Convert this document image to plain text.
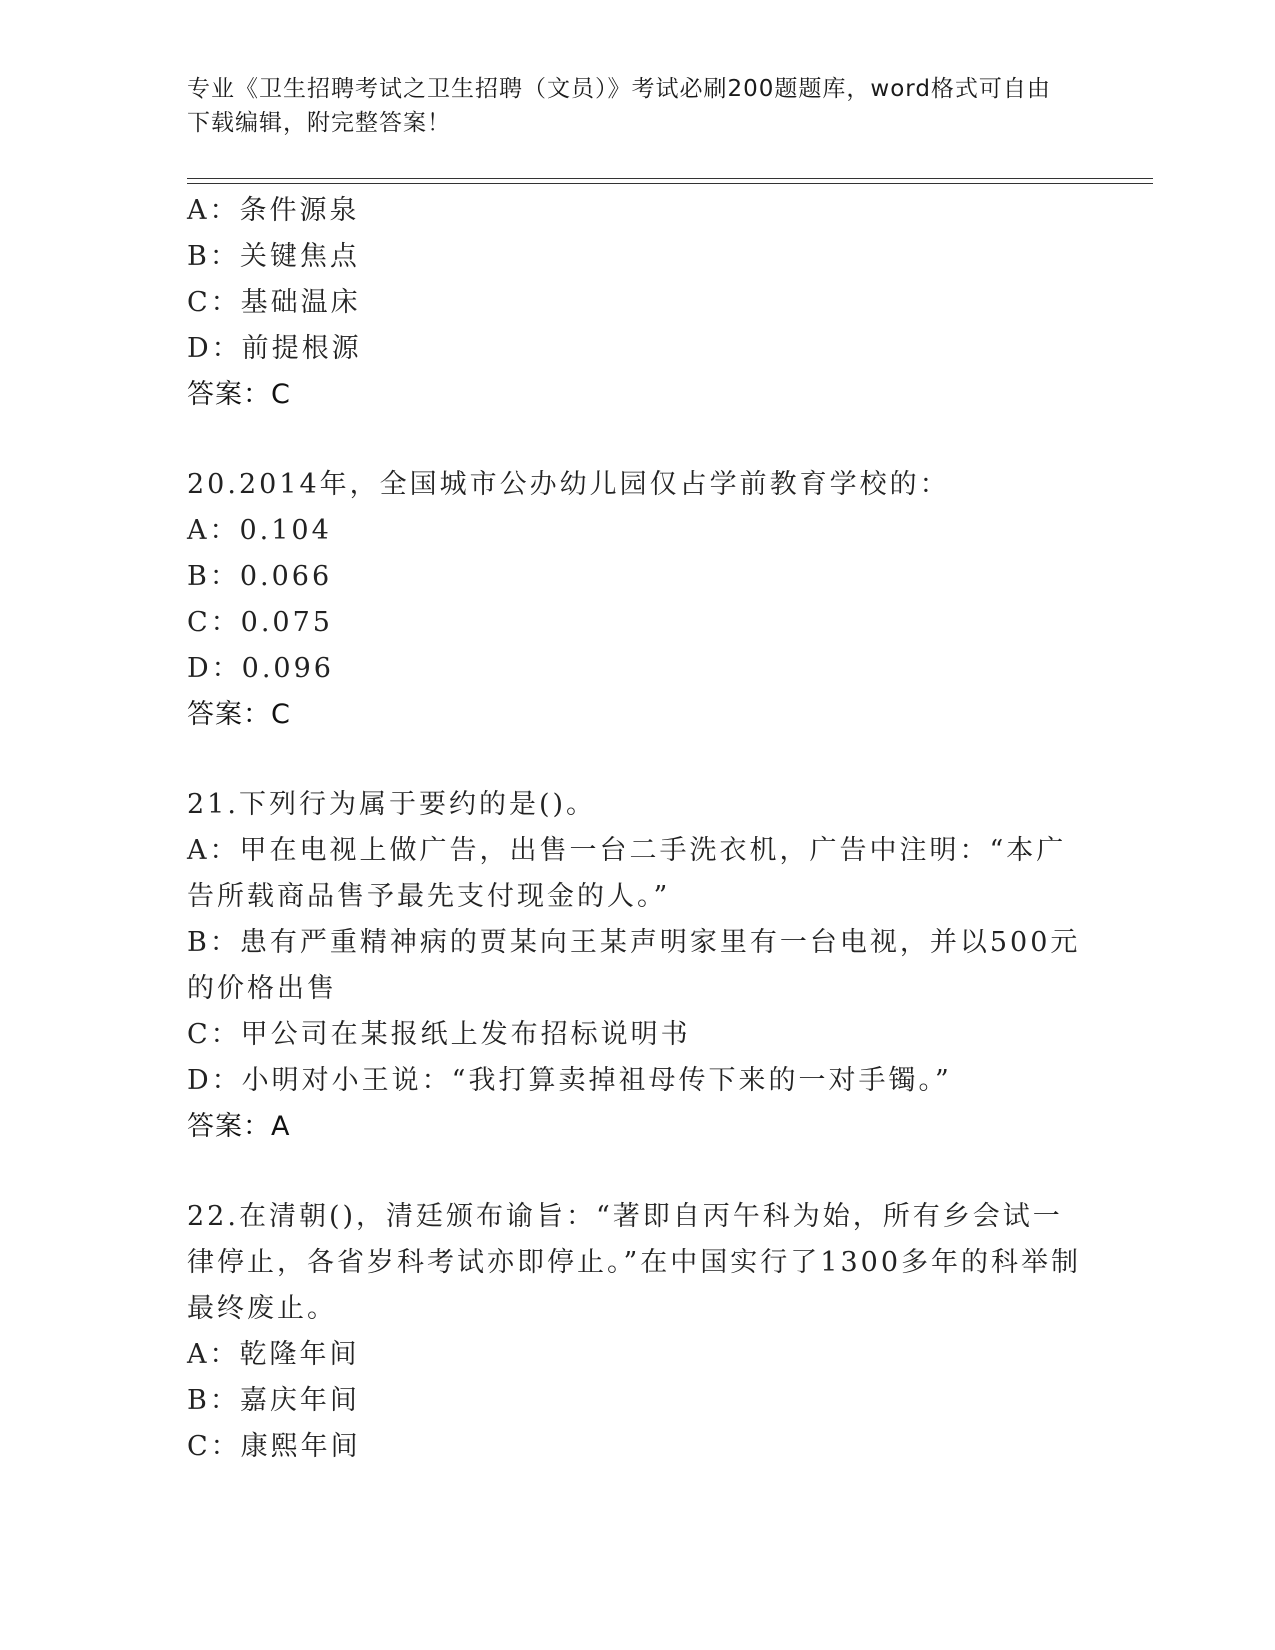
专业《卫生招聘考试之卫生招聘（文员）》考试必刷200题题库，word格式可自由下载编辑，附完整答案！
A：条件源泉
B：关键焦点
C：基础温床
D：前提根源
答案：C
20.2014年，全国城市公办幼儿园仅占学前教育学校的：
A：0.104
B：0.066
C：0.075
D：0.096
答案：C
21.下列行为属于要约的是()。
A：甲在电视上做广告，出售一台二手洗衣机，广告中注明：“本广告所载商品售予最先支付现金的人。”
B：患有严重精神病的贾某向王某声明家里有一台电视，并以500元的价格出售
C：甲公司在某报纸上发布招标说明书
D：小明对小王说：“我打算卖掉祖母传下来的一对手镯。”
答案：A
22.在清朝()，清廷颁布谕旨：“著即自丙午科为始，所有乡会试一律停止，各省岁科考试亦即停止。”在中国实行了1300多年的科举制最终废止。
A：乾隆年间
B：嘉庆年间
C：康熙年间
